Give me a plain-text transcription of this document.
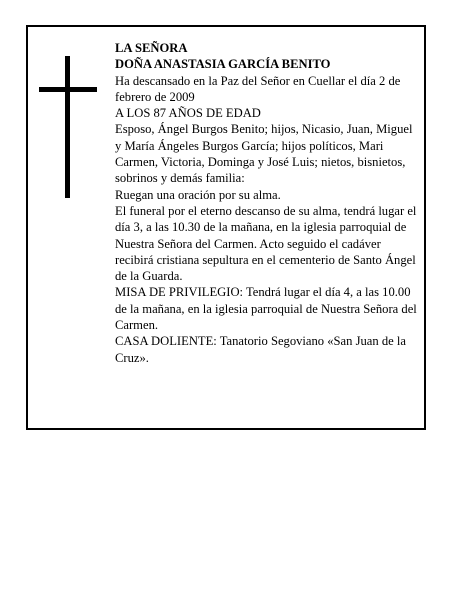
LA SEÑORA

DOÑA ANASTASIA GARCÍA BENITO

Ha descansado en la Paz del Señor en Cuellar el día 2 de febrero de 2009

A LOS 87 AÑOS DE EDAD

Esposo, Ángel Burgos Benito; hijos, Nicasio, Juan, Miguel y María Ángeles Burgos García; hijos políticos, Mari Carmen, Victoria, Dominga y José Luis; nietos, bisnietos, sobrinos y demás familia:

Ruegan una oración por su alma.

El funeral por el eterno descanso de su alma, tendrá lugar el día 3, a las 10.30 de la mañana, en la iglesia parroquial de Nuestra Señora del Carmen. Acto seguido el cadáver recibirá cristiana sepultura en el cementerio de Santo Ángel de la Guarda.

MISA DE PRIVILEGIO: Tendrá lugar el día 4, a las 10.00 de la mañana, en la iglesia parroquial de Nuestra Señora del Carmen.

CASA DOLIENTE: Tanatorio Segoviano «San Juan de la Cruz».
